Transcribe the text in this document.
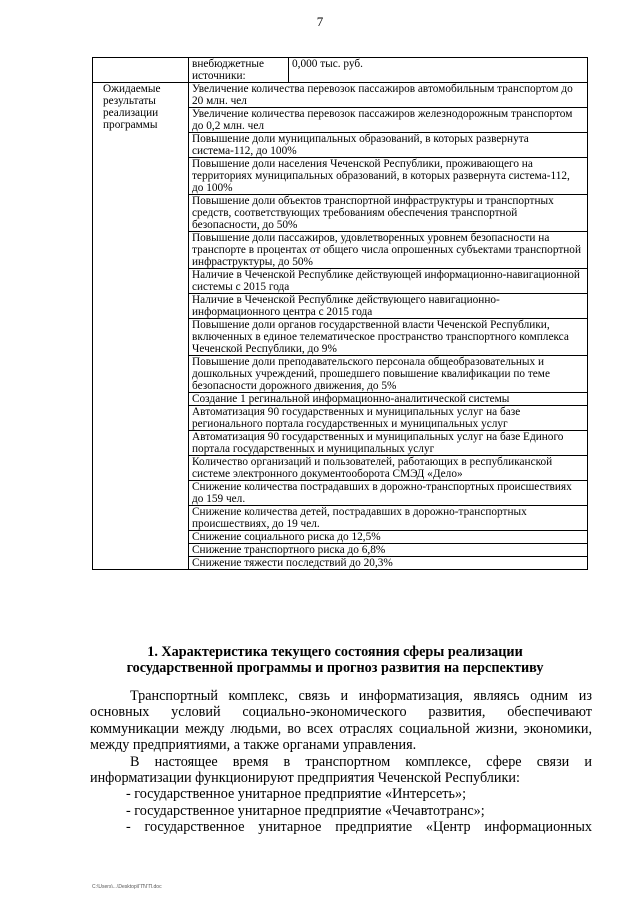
7
	внебюджетные источники:	0,000 тыс. руб.
Ожидаемые результаты реализации программы	Увеличение количества перевозок пассажиров автомобильным транспортом до 20 млн. чел	
	Увеличение количества перевозок пассажиров железнодорожным транспортом до 0,2 млн. чел	
	Повышение доли муниципальных образований, в которых развернута система-112, до 100%	
	Повышение доли населения Чеченской Республики, проживающего на территориях муниципальных образований, в которых развернута система-112, до 100%	
	Повышение доли объектов транспортной инфраструктуры и транспортных средств, соответствующих требованиям обеспечения транспортной безопасности, до 50%	
	Повышение доли пассажиров, удовлетворенных уровнем безопасности на транспорте в процентах от общего числа опрошенных субъектами транспортной инфраструктуры, до 50%	
	Наличие в Чеченской Республике действующей информационно-навигационной системы с 2015 года	
	Наличие в Чеченской Республике действующего навигационно-информационного центра с 2015 года	
	Повышение доли органов государственной власти Чеченской Республики, включенных в единое телематическое пространство транспортного комплекса Чеченской Республики, до 9%	
	Повышение доли преподавательского персонала общеобразовательных и дошкольных учреждений, прошедшего повышение квалификации по теме безопасности дорожного движения, до 5%	
	Создание 1 регинальной информационно-аналитической системы	
	Автоматизация 90 государственных и муниципальных услуг на базе регионального портала государственных и муниципальных услуг	
	Автоматизация 90 государственных и муниципальных услуг на базе Единого портала государственных и муниципальных услуг	
	Количество организаций и пользователей, работающих в республиканской системе электронного документооборота СМЭД «Дело»	
	Снижение количества пострадавших в дорожно-транспортных происшествиях до 159 чел.	
	Снижение количества детей, пострадавших в дорожно-транспортных происшествиях, до 19 чел.	
	Снижение социального риска до 12,5%	
	Снижение транспортного риска до 6,8%	
	Снижение тяжести последствий до 20,3%	
1. Характеристика текущего состояния сферы реализации
государственной программы и прогноз развития на перспективу

Транспортный комплекс, связь и информатизация, являясь одним из основных условий социально-экономического развития, обеспечивают коммуникации между людьми, во всех отраслях социальной жизни, экономики, между предприятиями, а также органами управления.

В настоящее время в транспортном комплексе, сфере связи и информатизации функционируют предприятия Чеченской Республики:

- государственное унитарное предприятие «Интерсеть»;

- государственное унитарное предприятие «Чечавтотранс»;

- государственное унитарное предприятие «Центр информационных

C:\Users\...\Desktop\ГП\ГП.doc
